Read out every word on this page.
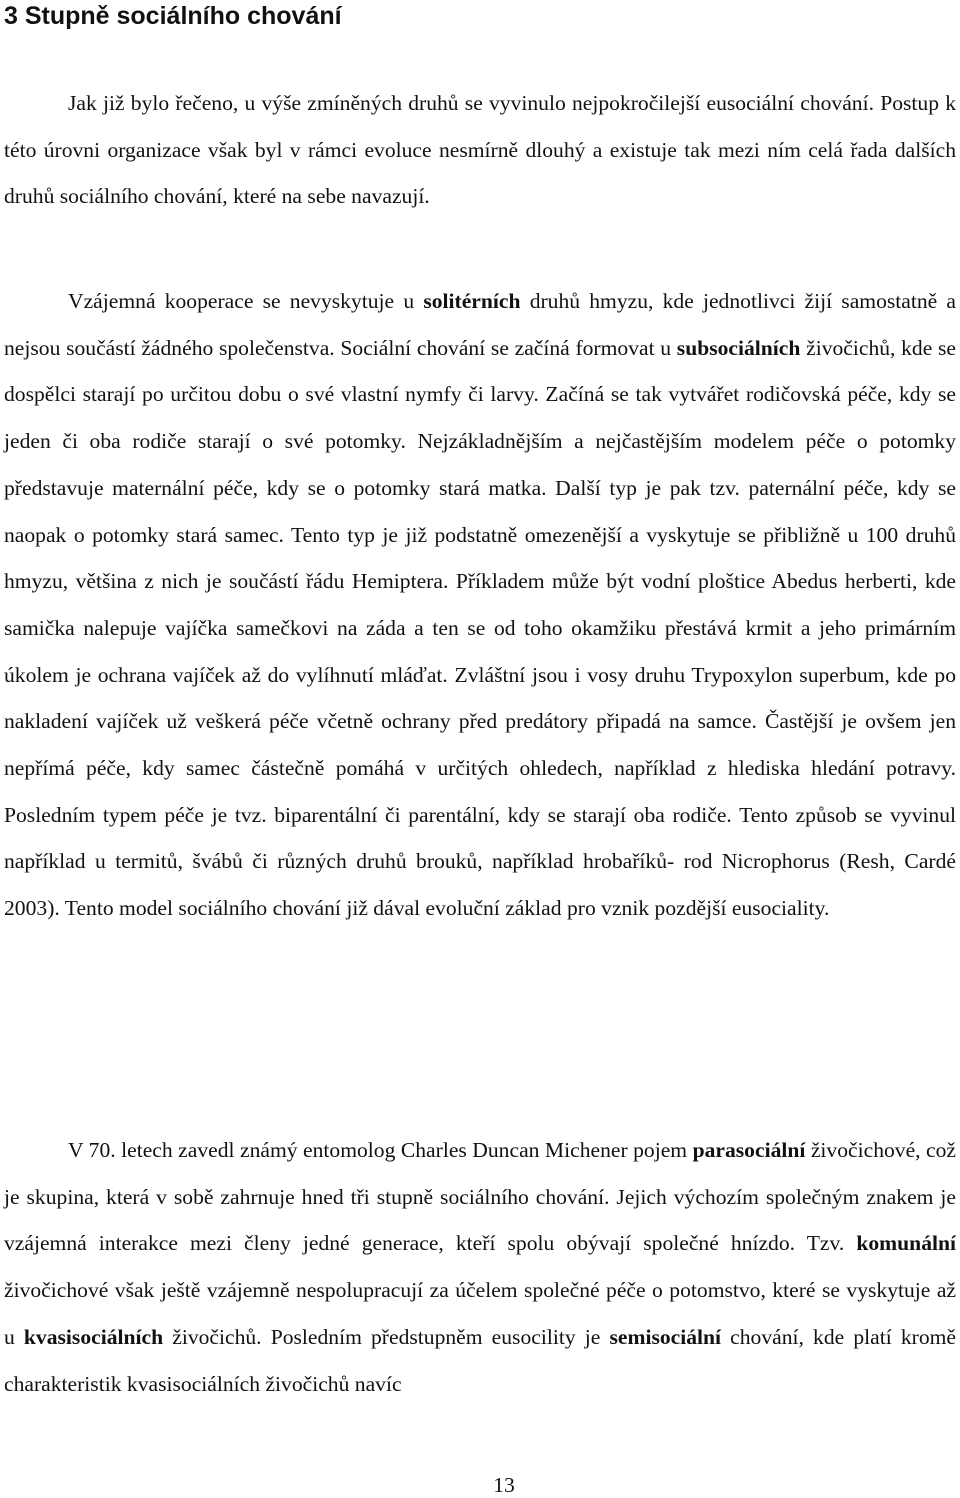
3 Stupně sociálního chování

Jak již bylo řečeno, u výše zmíněných druhů se vyvinulo nejpokročilejší eusociální chování. Postup k této úrovni organizace však byl v rámci evoluce nesmírně dlouhý a existuje tak mezi ním celá řada dalších druhů sociálního chování, které na sebe navazují.

Vzájemná kooperace se nevyskytuje u solitérních druhů hmyzu, kde jednotlivci žijí samostatně a nejsou součástí žádného společenstva. Sociální chování se začíná formovat u subsociálních živočichů, kde se dospělci starají po určitou dobu o své vlastní nymfy či larvy. Začíná se tak vytvářet rodičovská péče, kdy se jeden či oba rodiče starají o své potomky. Nejzákladnějším a nejčastějším modelem péče o potomky představuje maternální péče, kdy se o potomky stará matka. Další typ je pak tzv. paternální péče, kdy se naopak o potomky stará samec. Tento typ je již podstatně omezenější a vyskytuje se přibližně u 100 druhů hmyzu, většina z nich je součástí řádu Hemiptera. Příkladem může být vodní ploštice Abedus herberti, kde samička nalepuje vajíčka samečkovi na záda a ten se od toho okamžiku přestává krmit a jeho primárním úkolem je ochrana vajíček až do vylíhnutí mláďat. Zvláštní jsou i vosy druhu Trypoxylon superbum, kde po nakladení vajíček už veškerá péče včetně ochrany před predátory připadá na samce. Častější je ovšem jen nepřímá péče, kdy samec částečně pomáhá v určitých ohledech, například z hlediska hledání potravy. Posledním typem péče je tvz. biparentální či parentální, kdy se starají oba rodiče. Tento způsob se vyvinul například u termitů, švábů či různých druhů brouků, například hrobaříků- rod Nicrophorus (Resh, Cardé 2003). Tento model sociálního chování již dával evoluční základ pro vznik pozdější eusociality.

V 70. letech zavedl známý entomolog Charles Duncan Michener pojem parasociální živočichové, což je skupina, která v sobě zahrnuje hned tři stupně sociálního chování. Jejich výchozím společným znakem je vzájemná interakce mezi členy jedné generace, kteří spolu obývají společné hnízdo. Tzv. komunální živočichové však ještě vzájemně nespolupracují za účelem společné péče o potomstvo, které se vyskytuje až u kvasisociálních živočichů. Posledním předstupněm eusocility je semisociální chování, kde platí kromě charakteristik kvasisociálních živočichů navíc

13
